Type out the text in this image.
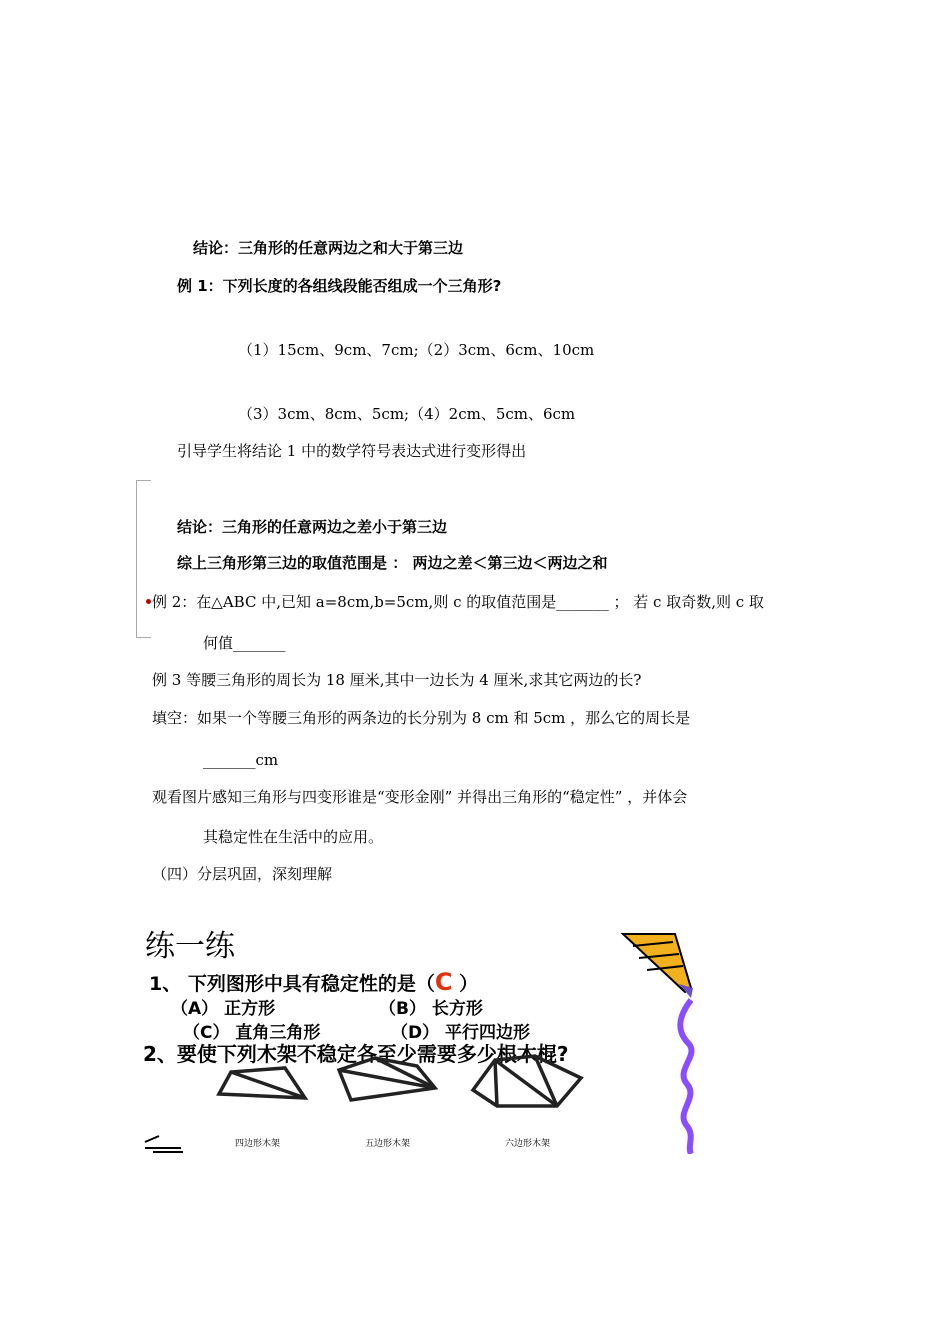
结论：三角形的任意两边之和大于第三边
例 1：下列长度的各组线段能否组成一个三角形?
（1）15cm、9cm、7cm;（2）3cm、6cm、10cm
（3）3cm、8cm、5cm;（4）2cm、5cm、6cm
引导学生将结论 1 中的数学符号表达式进行变形得出
结论：三角形的任意两边之差小于第三边
综上三角形第三边的取值范围是 ： 两边之差＜第三边＜两边之和
例 2：在△ABC 中,已知 a=8cm,b=5cm,则 c 的取值范围是_______ ； 若 c 取奇数,则 c 取
何值_______
例 3 等腰三角形的周长为 18 厘米,其中一边长为 4 厘米,求其它两边的长?
填空：如果一个等腰三角形的两条边的长分别为 8 cm 和 5cm ，那么它的周长是
_______cm
观看图片感知三角形与四变形谁是“变形金刚” 并得出三角形的“稳定性” ，并体会
其稳定性在生活中的应用。
（四）分层巩固，深刻理解
练一练
1、 下列图形中具有稳定性的是（C ）
（A） 正方形	（B） 长方形
（C） 直角三角形	（D） 平行四边形
2、要使下列木架不稳定各至少需要多少根木棍?
四边形木架	五边形木架	六边形木架
